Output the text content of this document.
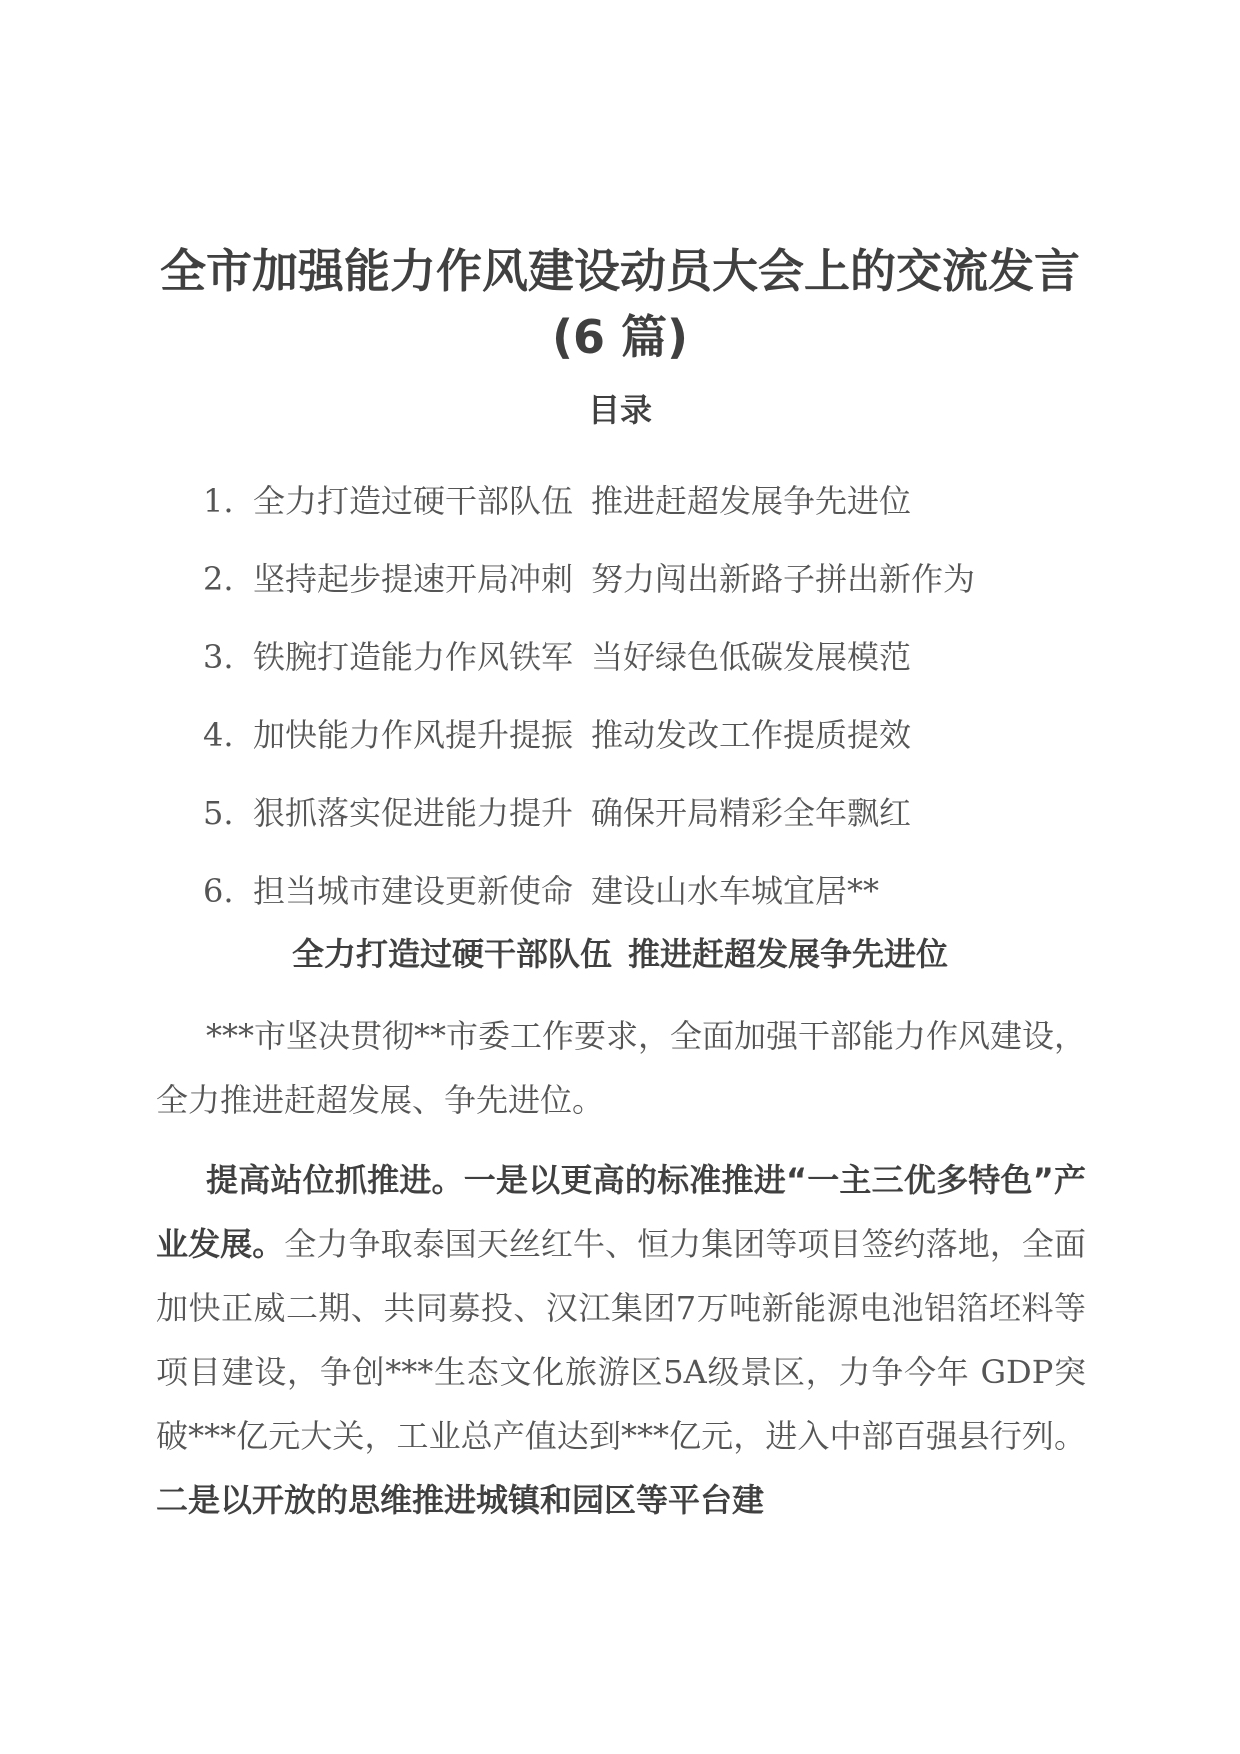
全市加强能力作风建设动员大会上的交流发言
(6 篇)
目录
1. 全力打造过硬干部队伍 推进赶超发展争先进位
2. 坚持起步提速开局冲刺 努力闯出新路子拼出新作为
3. 铁腕打造能力作风铁军 当好绿色低碳发展模范
4. 加快能力作风提升提振 推动发改工作提质提效
5. 狠抓落实促进能力提升 确保开局精彩全年飘红
6. 担当城市建设更新使命 建设山水车城宜居**
全力打造过硬干部队伍 推进赶超发展争先进位

***市坚决贯彻**市委工作要求，全面加强干部能力作风建设，全力推进赶超发展、争先进位。

提高站位抓推进。一是以更高的标准推进“一主三优多特色”产业发展。全力争取泰国天丝红牛、恒力集团等项目签约落地，全面加快正威二期、共同募投、汉江集团7万吨新能源电池铝箔坯料等项目建设，争创***生态文化旅游区5A级景区，力争今年 GDP突破***亿元大关，工业总产值达到***亿元，进入中部百强县行列。二是以开放的思维推进城镇和园区等平台建
